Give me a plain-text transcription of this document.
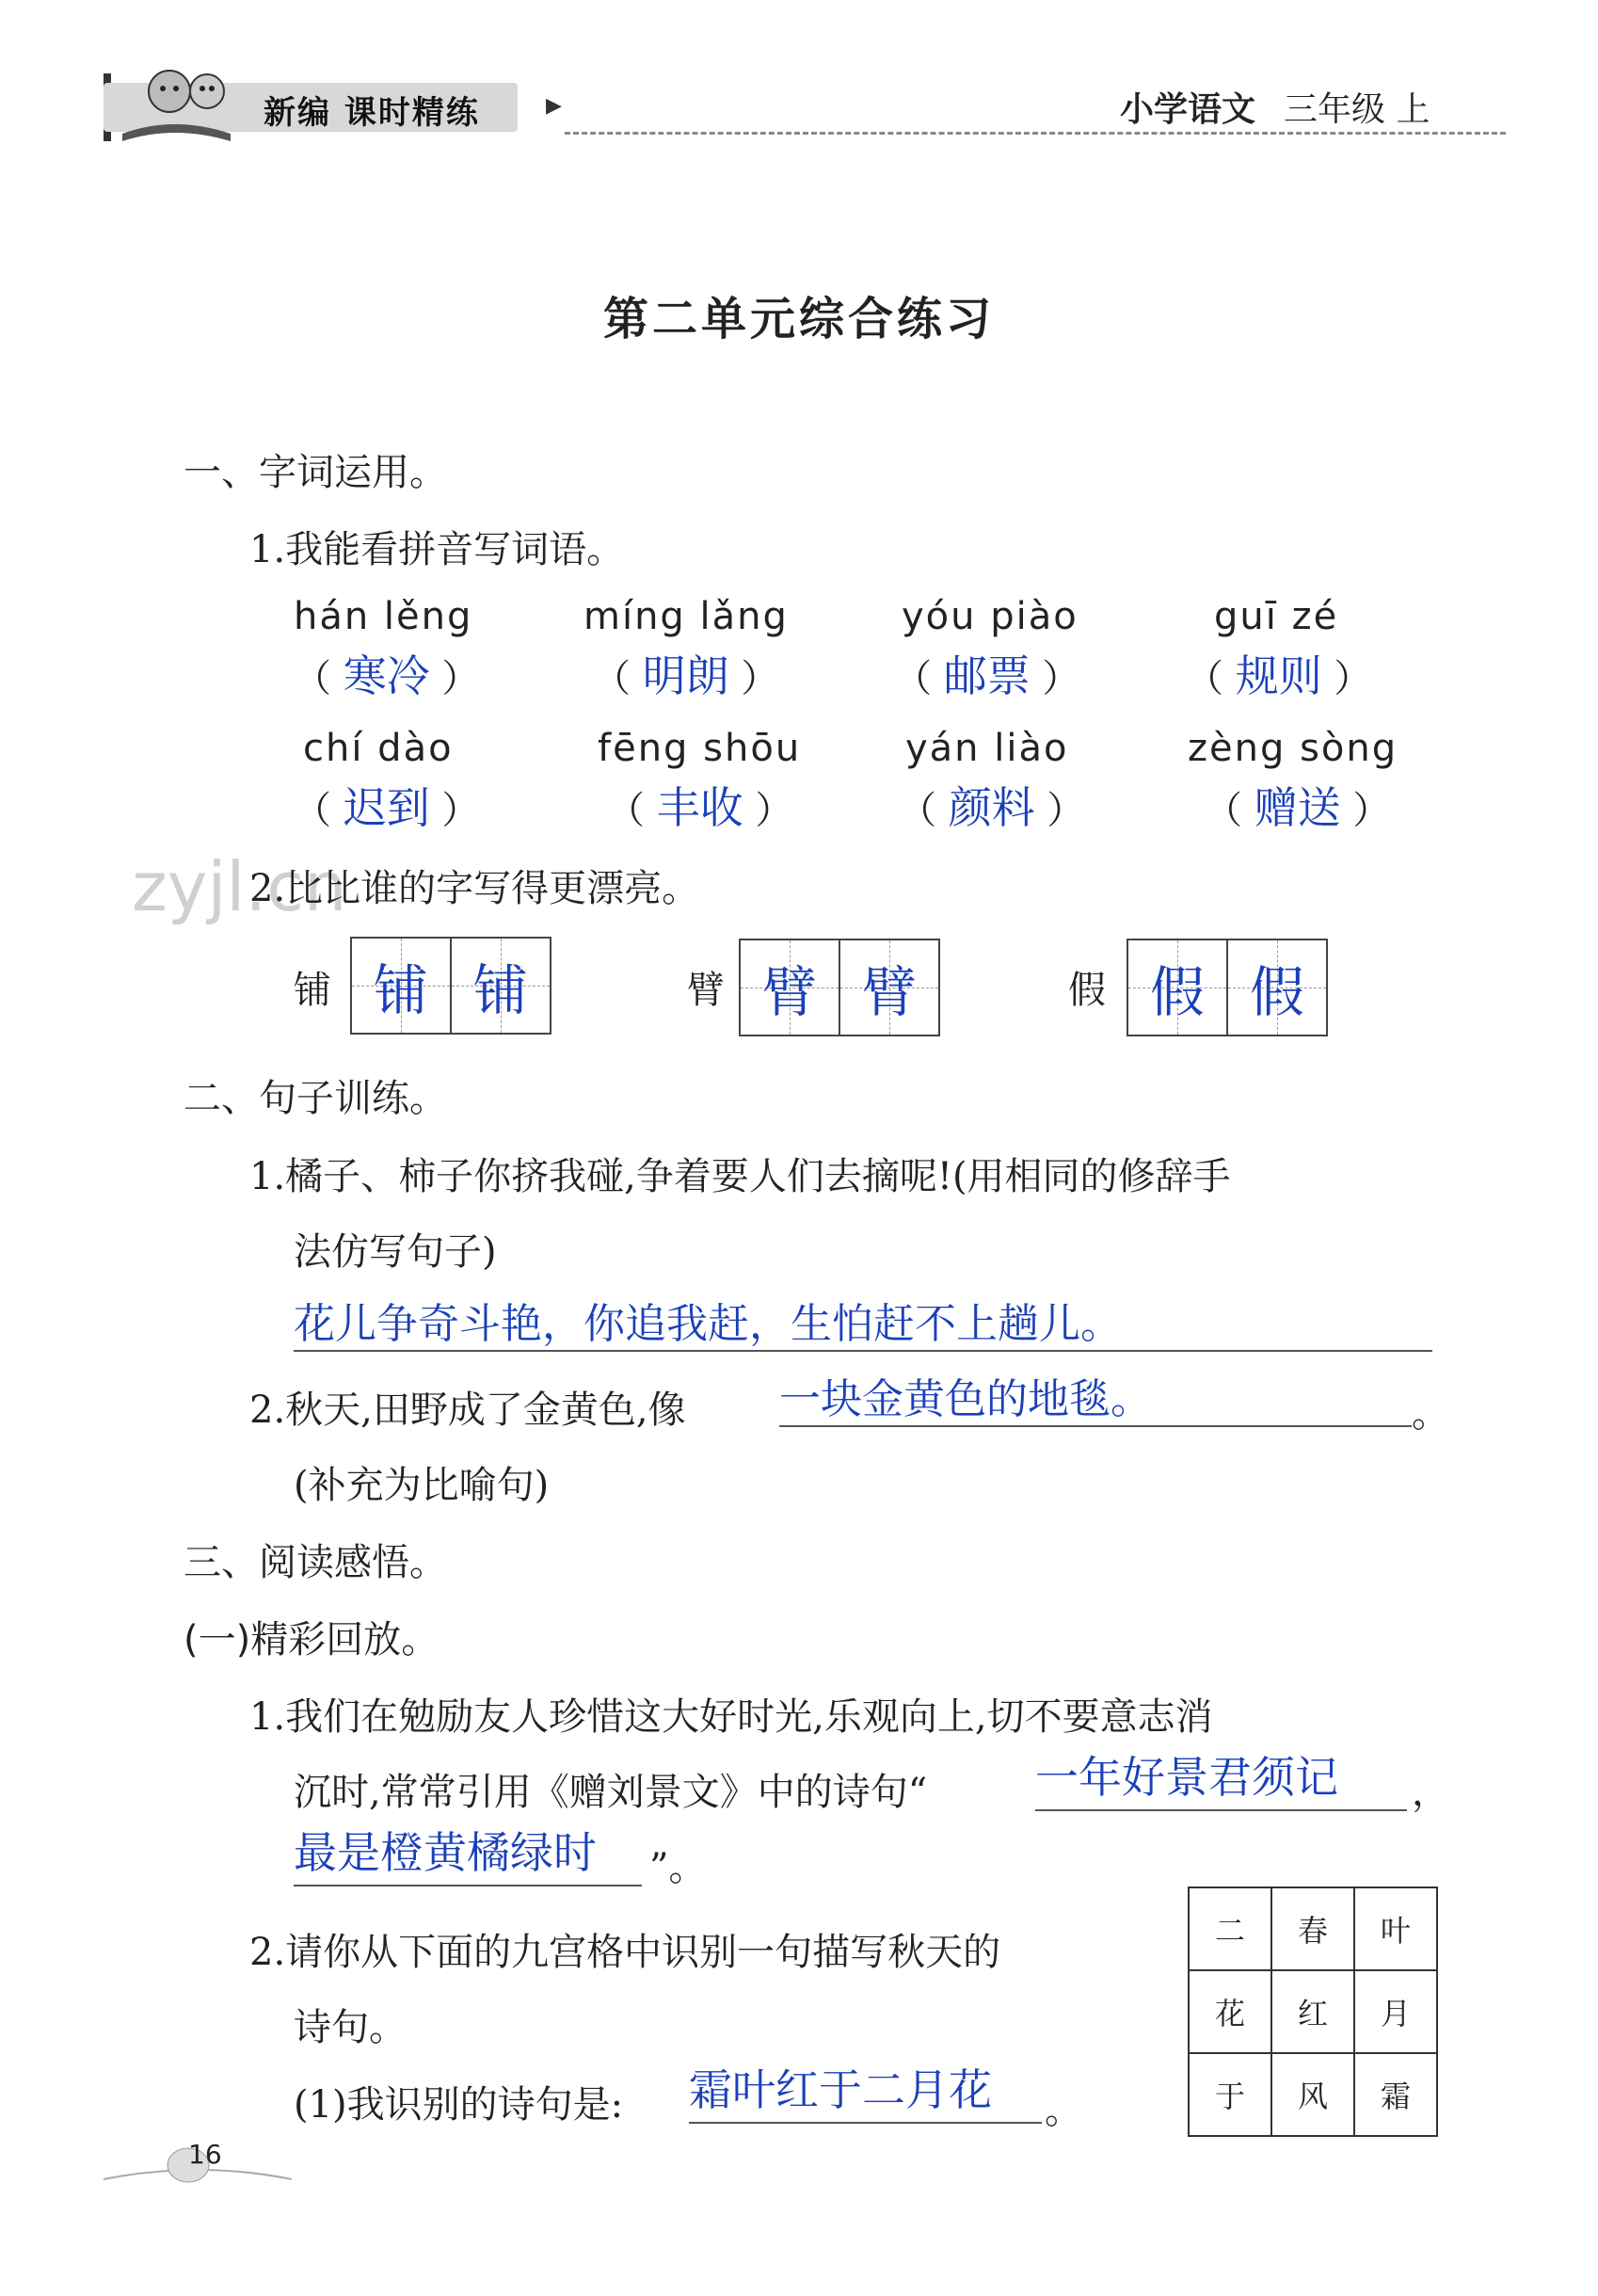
新编 课时精练	▶	小学语文 三年级 上
第二单元综合练习
zyjl.cn
一、字词运用。
1.我能看拼音写词语。
hán lěng	míng lǎng	yóu piào	guī zé
（ 寒冷 ）	（ 明朗 ）	（ 邮票 ）	（ 规则 ）
chí dào	fēng shōu	yán liào	zèng sòng
（ 迟到 ）	（ 丰收 ）	（ 颜料 ）	（ 赠送 ）
2.比比谁的字写得更漂亮。
铺 铺 铺	臂 臂 臂	假 假 假
二、句子训练。
1.橘子、柿子你挤我碰,争着要人们去摘呢!(用相同的修辞手
法仿写句子)
花儿争奇斗艳，你追我赶，生怕赶不上趟儿。
2.秋天,田野成了金黄色,像 一块金黄色的地毯。	。
(补充为比喻句)
三、阅读感悟。
(一)精彩回放。
1.我们在勉励友人珍惜这大好时光,乐观向上,切不要意志消
沉时,常常引用《赠刘景文》中的诗句“ 一年好景君须记	，
最是橙黄橘绿时	”。
2.请你从下面的九宫格中识别一句描写秋天的
诗句。
(1)我识别的诗句是: 霜叶红于二月花	。
二	春	叶
花	红	月
于	风	霜
16
